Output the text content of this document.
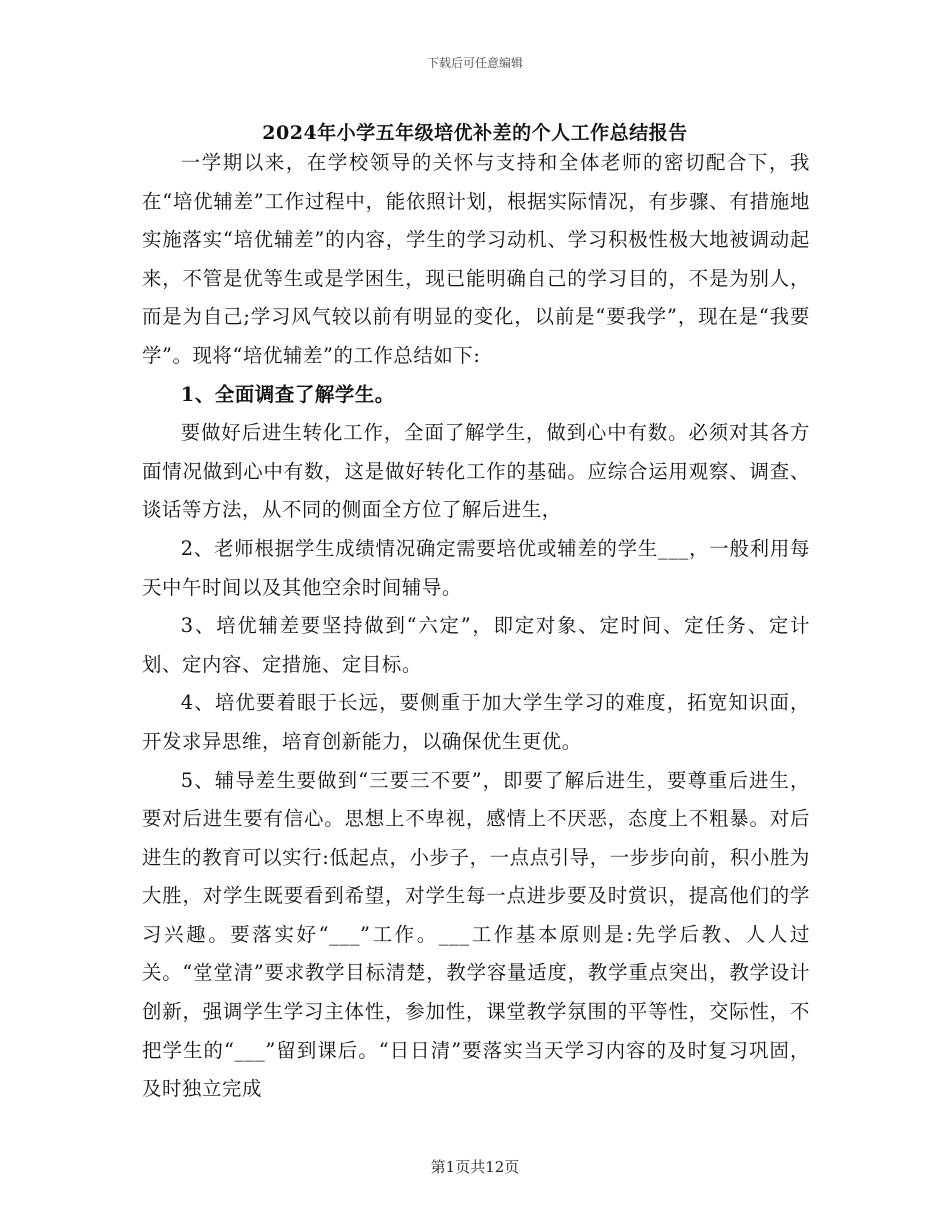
下载后可任意编辑
2024年小学五年级培优补差的个人工作总结报告

一学期以来，在学校领导的关怀与支持和全体老师的密切配合下，我在“培优辅差”工作过程中，能依照计划，根据实际情况，有步骤、有措施地实施落实“培优辅差”的内容，学生的学习动机、学习积极性极大地被调动起来，不管是优等生或是学困生，现已能明确自己的学习目的，不是为别人，而是为自己;学习风气较以前有明显的变化，以前是“要我学”，现在是“我要学”。现将“培优辅差”的工作总结如下:

1、全面调查了解学生。

要做好后进生转化工作，全面了解学生，做到心中有数。必须对其各方面情况做到心中有数，这是做好转化工作的基础。应综合运用观察、调查、谈话等方法，从不同的侧面全方位了解后进生，

2、老师根据学生成绩情况确定需要培优或辅差的学生___，一般利用每天中午时间以及其他空余时间辅导。

3、培优辅差要坚持做到“六定”，即定对象、定时间、定任务、定计划、定内容、定措施、定目标。

4、培优要着眼于长远，要侧重于加大学生学习的难度，拓宽知识面，开发求异思维，培育创新能力，以确保优生更优。

5、辅导差生要做到“三要三不要”，即要了解后进生，要尊重后进生，要对后进生要有信心。思想上不卑视，感情上不厌恶，态度上不粗暴。对后进生的教育可以实行:低起点，小步子，一点点引导，一步步向前，积小胜为大胜，对学生既要看到希望，对学生每一点进步要及时赏识，提高他们的学习兴趣。要落实好“___”工作。___工作基本原则是:先学后教、人人过关。“堂堂清”要求教学目标清楚，教学容量适度，教学重点突出，教学设计创新，强调学生学习主体性，参加性，课堂教学氛围的平等性，交际性，不把学生的“___”留到课后。“日日清”要落实当天学习内容的及时复习巩固，及时独立完成

第1页共12页
